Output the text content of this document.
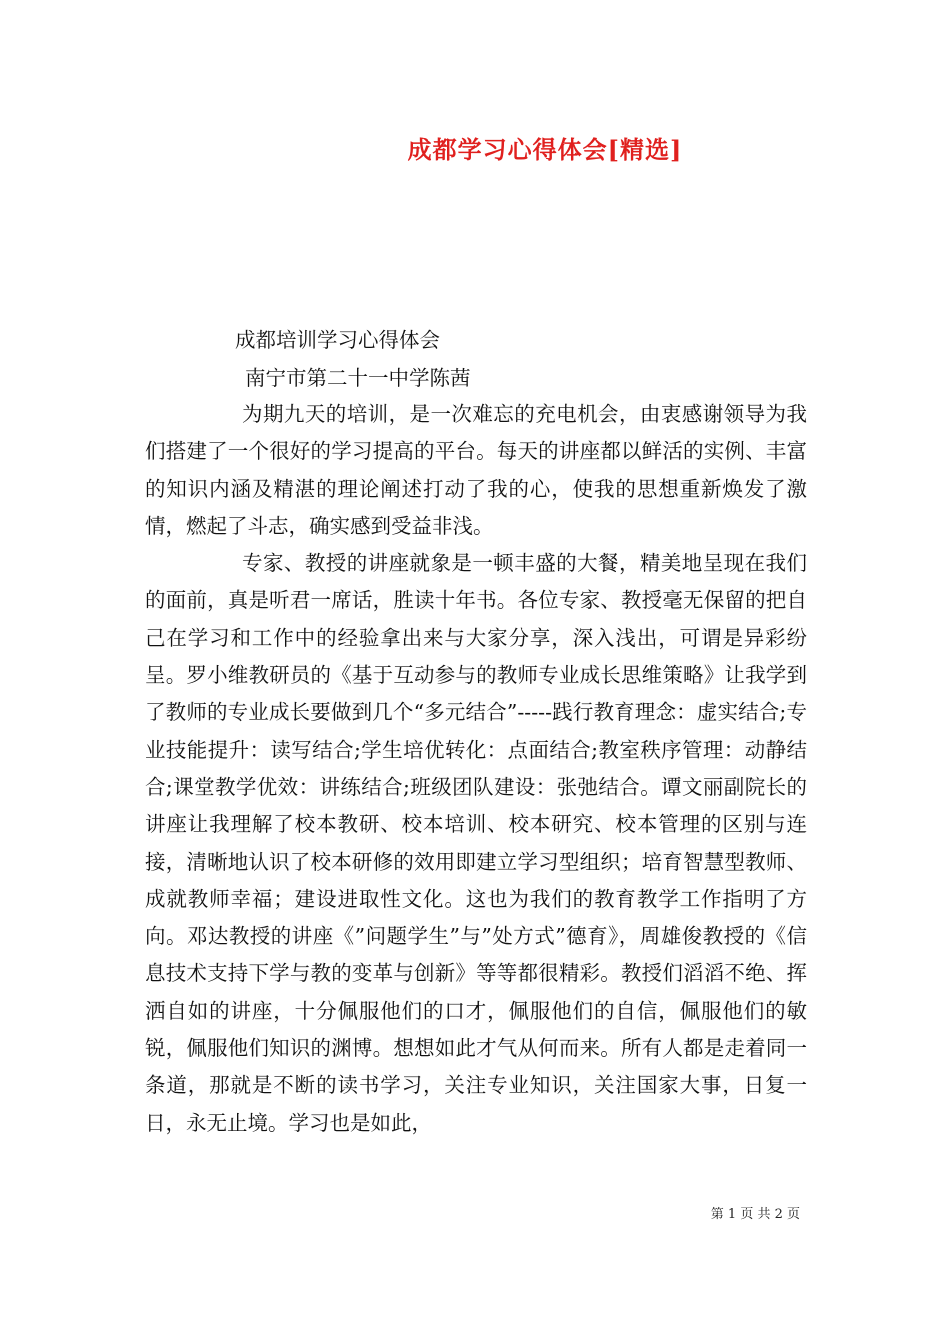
成都学习心得体会[精选]
成都培训学习心得体会
南宁市第二十一中学陈茜

为期九天的培训，是一次难忘的充电机会，由衷感谢领导为我们搭建了一个很好的学习提高的平台。每天的讲座都以鲜活的实例、丰富的知识内涵及精湛的理论阐述打动了我的心，使我的思想重新焕发了激情，燃起了斗志，确实感到受益非浅。

专家、教授的讲座就象是一顿丰盛的大餐，精美地呈现在我们的面前，真是听君一席话，胜读十年书。各位专家、教授毫无保留的把自己在学习和工作中的经验拿出来与大家分享，深入浅出，可谓是异彩纷呈。罗小维教研员的《基于互动参与的教师专业成长思维策略》让我学到了教师的专业成长要做到几个“多元结合”-----践行教育理念：虚实结合;专业技能提升：读写结合;学生培优转化：点面结合;教室秩序管理：动静结合;课堂教学优效：讲练结合;班级团队建设：张弛结合。谭文丽副院长的讲座让我理解了校本教研、校本培训、校本研究、校本管理的区别与连接，清晰地认识了校本研修的效用即建立学习型组织；培育智慧型教师、成就教师幸福；建设进取性文化。这也为我们的教育教学工作指明了方向。邓达教授的讲座《”问题学生”与”处方式”德育》，周雄俊教授的《信息技术支持下学与教的变革与创新》等等都很精彩。教授们滔滔不绝、挥洒自如的讲座，十分佩服他们的口才，佩服他们的自信，佩服他们的敏锐，佩服他们知识的渊博。想想如此才气从何而来。所有人都是走着同一条道，那就是不断的读书学习，关注专业知识，关注国家大事，日复一日，永无止境。学习也是如此，

第 1 页 共 2 页
